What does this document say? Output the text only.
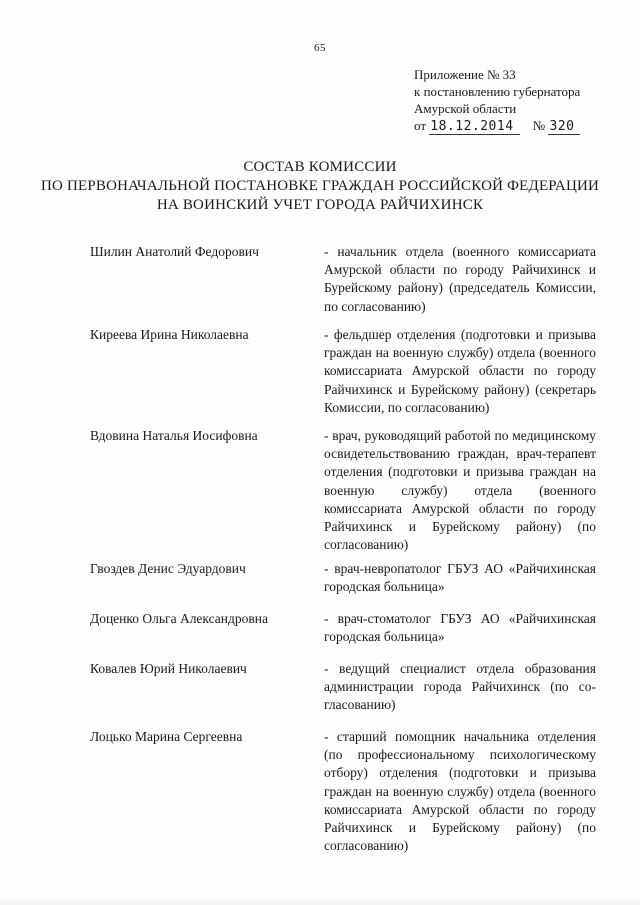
65
Приложение № 33
к постановлению губернатора
Амурской области
от 18.12.2014 № 320
СОСТАВ КОМИССИИ
ПО ПЕРВОНАЧАЛЬНОЙ ПОСТАНОВКЕ ГРАЖДАН РОССИЙСКОЙ ФЕДЕРАЦИИ
НА ВОИНСКИЙ УЧЕТ ГОРОДА РАЙЧИХИНСК
Шилин Анатолий Федорович	- начальник отдела (военного комиссариата Амурской области по городу Райчихинск и Бурейскому району) (председатель Комиссии, по согласованию)
Киреева Ирина Николаевна	- фельдшер отделения (подготовки и призыва граждан на военную службу) отдела (военного комиссариата Амурской области по городу Райчихинск и Бурейскому району) (секретарь Комиссии, по согласованию)
Вдовина Наталья Иосифовна	- врач, руководящий работой по медицинскому освидетельствованию граждан, врач-терапевт отделения (подготовки и призыва граждан на военную службу) отдела (военного комиссариата Амурской области по городу Райчихинск и Бурейскому району) (по согласованию)
Гвоздев Денис Эдуардович	- врач-невропатолог ГБУЗ АО «Райчихинская городская больница»
Доценко Ольга Александровна	- врач-стоматолог ГБУЗ АО «Райчихинская городская больница»
Ковалев Юрий Николаевич	- ведущий специалист отдела образования администрации города Райчихинск (по согласованию)
Лоцько Марина Сергеевна	- старший помощник начальника отделения (по профессиональному психологическому отбору) отделения (подготовки и призыва граждан на военную службу) отдела (военного комиссариата Амурской области по городу Райчихинск и Бурейскому району) (по согласованию)
